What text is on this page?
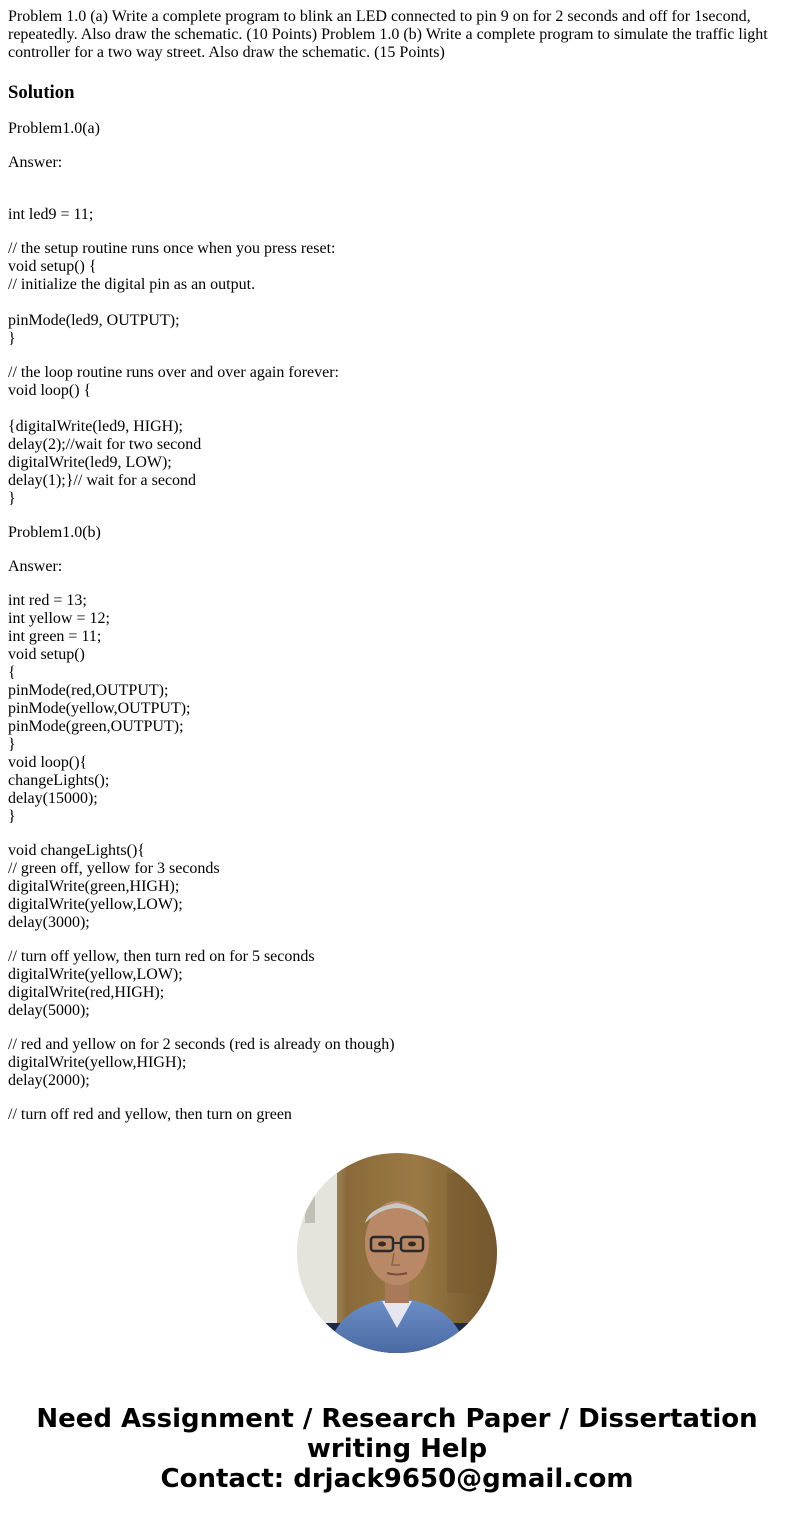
Problem 1.0 (a) Write a complete program to blink an LED connected to pin 9 on for 2 seconds and off for 1second, repeatedly. Also draw the schematic. (10 Points) Problem 1.0 (b) Write a complete program to simulate the traffic light controller for a two way street. Also draw the schematic. (15 Points)

Solution

Problem1.0(a)

Answer:

int led9 = 11;

// the setup routine runs once when you press reset:
void setup() {
// initialize the digital pin as an output.

pinMode(led9, OUTPUT);
}

// the loop routine runs over and over again forever:
void loop() {

{digitalWrite(led9, HIGH);
delay(2);//wait for two second
digitalWrite(led9, LOW);
delay(1);}// wait for a second
}

Problem1.0(b)

Answer:

int red = 13;
int yellow = 12;
int green = 11;
void setup()
{
pinMode(red,OUTPUT);
pinMode(yellow,OUTPUT);
pinMode(green,OUTPUT);
}
void loop(){
changeLights();
delay(15000);
}

void changeLights(){
// green off, yellow for 3 seconds
digitalWrite(green,HIGH);
digitalWrite(yellow,LOW);
delay(3000);

// turn off yellow, then turn red on for 5 seconds
digitalWrite(yellow,LOW);
digitalWrite(red,HIGH);
delay(5000);

// red and yellow on for 2 seconds (red is already on though)
digitalWrite(yellow,HIGH);
delay(2000);

// turn off red and yellow, then turn on green

Need Assignment / Research Paper / Dissertation
writing Help
Contact: drjack9650@gmail.com
